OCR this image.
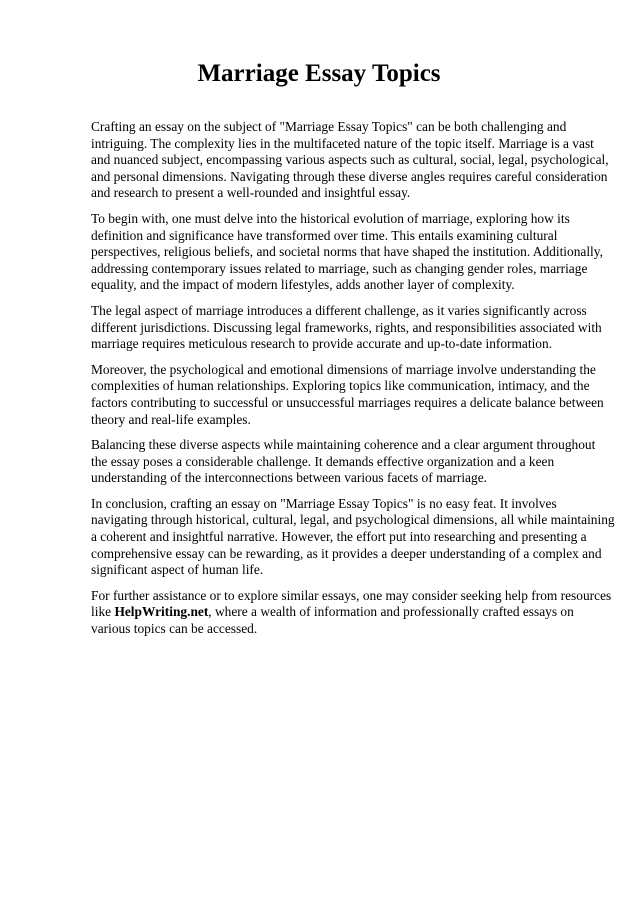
Marriage Essay Topics

Crafting an essay on the subject of "Marriage Essay Topics" can be both challenging and
intriguing. The complexity lies in the multifaceted nature of the topic itself. Marriage is a vast
and nuanced subject, encompassing various aspects such as cultural, social, legal, psychological,
and personal dimensions. Navigating through these diverse angles requires careful consideration
and research to present a well-rounded and insightful essay.

To begin with, one must delve into the historical evolution of marriage, exploring how its
definition and significance have transformed over time. This entails examining cultural
perspectives, religious beliefs, and societal norms that have shaped the institution. Additionally,
addressing contemporary issues related to marriage, such as changing gender roles, marriage
equality, and the impact of modern lifestyles, adds another layer of complexity.

The legal aspect of marriage introduces a different challenge, as it varies significantly across
different jurisdictions. Discussing legal frameworks, rights, and responsibilities associated with
marriage requires meticulous research to provide accurate and up-to-date information.

Moreover, the psychological and emotional dimensions of marriage involve understanding the
complexities of human relationships. Exploring topics like communication, intimacy, and the
factors contributing to successful or unsuccessful marriages requires a delicate balance between
theory and real-life examples.

Balancing these diverse aspects while maintaining coherence and a clear argument throughout
the essay poses a considerable challenge. It demands effective organization and a keen
understanding of the interconnections between various facets of marriage.

In conclusion, crafting an essay on "Marriage Essay Topics" is no easy feat. It involves
navigating through historical, cultural, legal, and psychological dimensions, all while maintaining
a coherent and insightful narrative. However, the effort put into researching and presenting a
comprehensive essay can be rewarding, as it provides a deeper understanding of a complex and
significant aspect of human life.

For further assistance or to explore similar essays, one may consider seeking help from resources
like HelpWriting.net, where a wealth of information and professionally crafted essays on
various topics can be accessed.
